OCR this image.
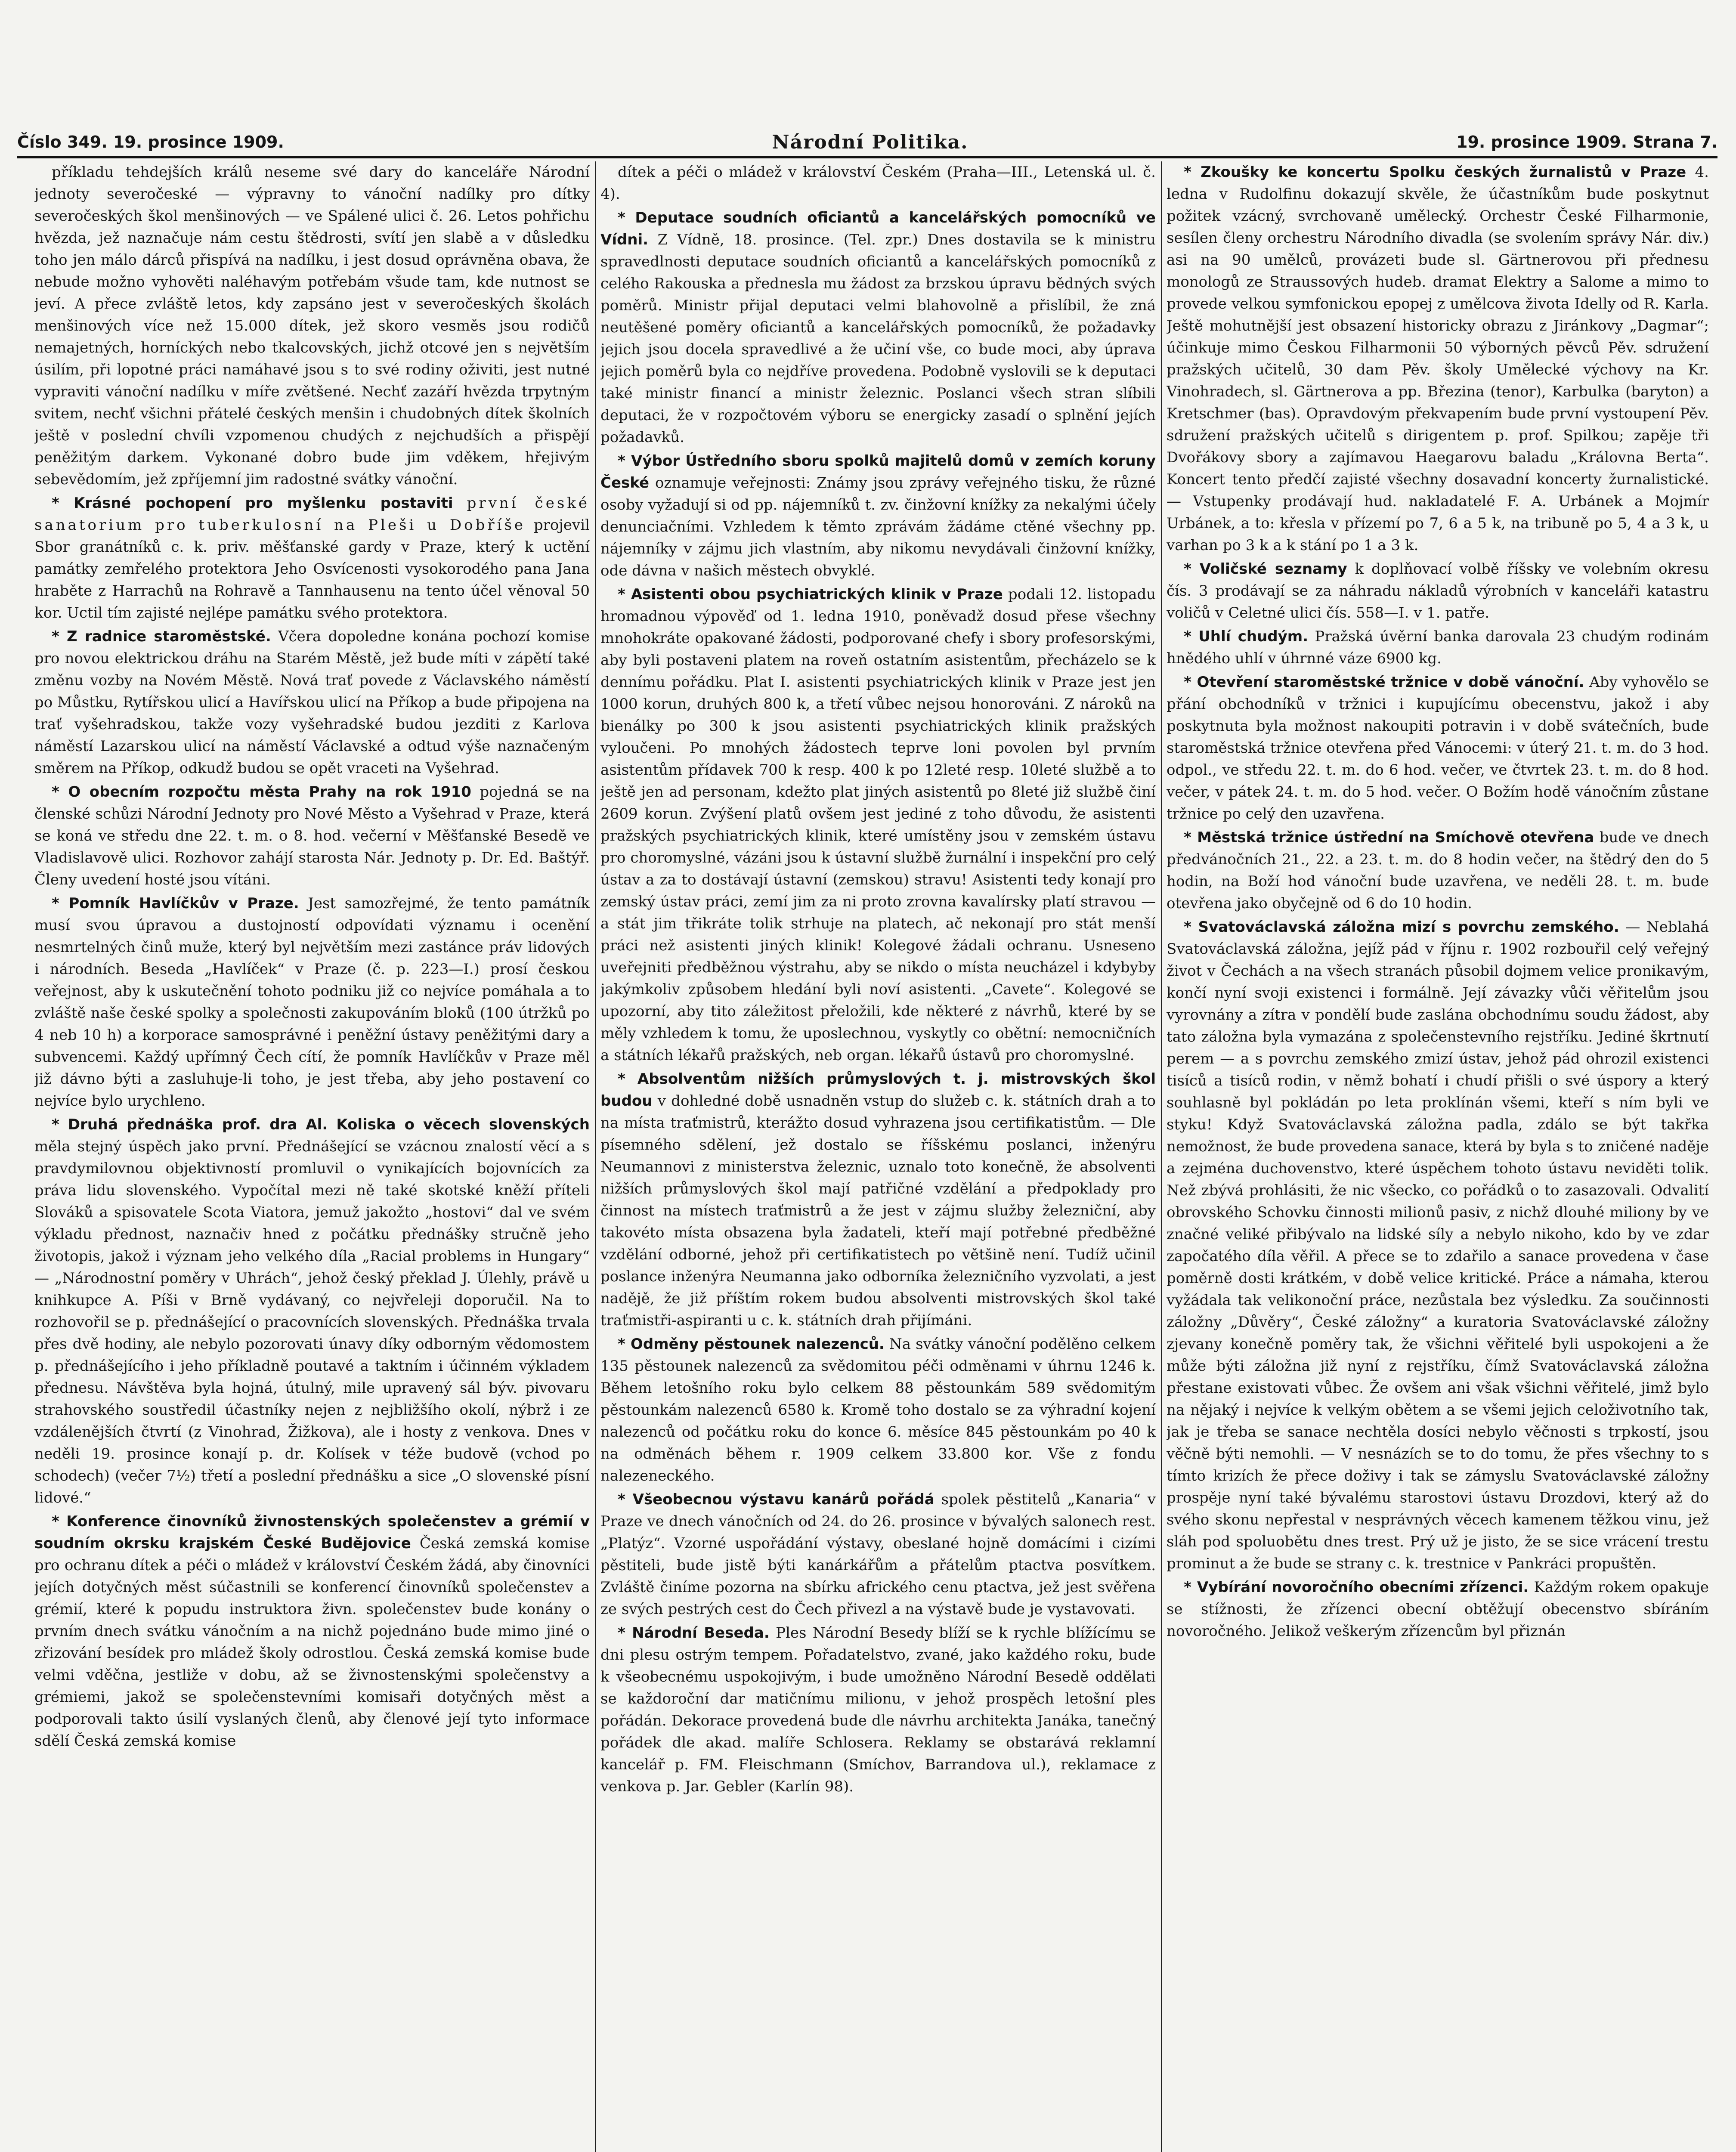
Číslo 349. 19. prosince 1909.	Národní Politika.	19. prosince 1909. Strana 7.

příkladu tehdejších králů neseme své dary do kanceláře Národní jednoty severočeské — výpravny to vánoční nadílky pro dítky severočeských škol menšinových — ve Spálené ulici č. 26. Letos pohřichu hvězda, jež naznačuje nám cestu štědrosti, svítí jen slabě a v důsledku toho jen málo dárců přispívá na nadílku, i jest dosud oprávněna obava, že nebude možno vyhověti naléhavým potřebám všude tam, kde nutnost se jeví. A přece zvláště letos, kdy zapsáno jest v severočeských školách menšinových více než 15.000 dítek, jež skoro vesměs jsou rodičů nemajetných, horníckých nebo tkalcovských, jichž otcové jen s největším úsilím, při lopotné práci namáhavé jsou s to své rodiny oživiti, jest nutné vypraviti vánoční nadílku v míře zvětšené. Nechť zazáří hvězda trpytným svitem, nechť všichni přátelé českých menšin i chudobných dítek školních ještě v poslední chvíli vzpomenou chudých z nejchudších a přispějí peněžitým darkem. Vykonané dobro bude jim vděkem, hřejivým sebevědomím, jež zpříjemní jim radostné svátky vánoční.

* Krásné pochopení pro myšlenku postaviti první české sanatorium pro tuberkulosní na Pleši u Dobříše projevil Sbor granátníků c. k. priv. měšťanské gardy v Praze, který k uctění památky zemřelého protektora Jeho Osvícenosti vysokorodého pana Jana hraběte z Harrachů na Rohravě a Tannhausenu na tento účel věnoval 50 kor. Uctil tím zajisté nejlépe památku svého protektora.

* Z radnice staroměstské. Včera dopoledne konána pochozí komise pro novou elektrickou dráhu na Starém Městě, jež bude míti v zápětí také změnu vozby na Novém Městě. Nová trať povede z Václavského náměstí po Můstku, Rytířskou ulicí a Havířskou ulicí na Příkop a bude připojena na trať vyšehradskou, takže vozy vyšehradské budou jezditi z Karlova náměstí Lazarskou ulicí na náměstí Václavské a odtud výše naznačeným směrem na Příkop, odkudž budou se opět vraceti na Vyšehrad.

* O obecním rozpočtu města Prahy na rok 1910 pojedná se na členské schůzi Národní Jednoty pro Nové Město a Vyšehrad v Praze, která se koná ve středu dne 22. t. m. o 8. hod. večerní v Měšťanské Besedě ve Vladislavově ulici. Rozhovor zahájí starosta Nár. Jednoty p. Dr. Ed. Baštýř. Členy uvedení hosté jsou vítáni.

* Pomník Havlíčkův v Praze. Jest samozřejmé, že tento památník musí svou úpravou a dustojností odpovídati významu i ocenění nesmrtelných činů muže, který byl největším mezi zastánce práv lidových i národních. Beseda „Havlíček“ v Praze (č. p. 223—I.) prosí českou veřejnost, aby k uskutečnění tohoto podniku již co nejvíce pomáhala a to zvláště naše české spolky a společnosti zakupováním bloků (100 útržků po 4 neb 10 h) a korporace samosprávné i peněžní ústavy peněžitými dary a subvencemi. Každý upřímný Čech cítí, že pomník Havlíčkův v Praze měl již dávno býti a zasluhuje-li toho, je jest třeba, aby jeho postavení co nejvíce bylo urychleno.

* Druhá přednáška prof. dra Al. Koliska o věcech slovenských měla stejný úspěch jako první. Přednášející se vzácnou znalostí věcí a s pravdymilovnou objektivností promluvil o vynikajících bojovnících za práva lidu slovenského. Vypočítal mezi ně také skotské kněží příteli Slováků a spisovatele Scota Viatora, jemuž jakožto „hostovi“ dal ve svém výkladu přednost, naznačiv hned z počátku přednášky stručně jeho životopis, jakož i význam jeho velkého díla „Racial problems in Hungary“ — „Národnostní poměry v Uhrách“, jehož český překlad J. Úlehly, právě u knihkupce A. Píši v Brně vydávaný, co nejvřeleji doporučil. Na to rozhovořil se p. přednášející o pracovnících slovenských. Přednáška trvala přes dvě hodiny, ale nebylo pozorovati únavy díky odborným vědomostem p. přednášejícího i jeho příkladně poutavé a taktním i účinném výkladem přednesu. Návštěva byla hojná, útulný, mile upravený sál býv. pivovaru strahovského soustředil účastníky nejen z nejbližšího okolí, nýbrž i ze vzdálenějších čtvrtí (z Vinohrad, Žižkova), ale i hosty z venkova. Dnes v neděli 19. prosince konají p. dr. Kolísek v téže budově (vchod po schodech) (večer 7½) třetí a poslední přednášku a sice „O slovenské písní lidové.“

* Konference činovníků živnostenských společenstev a grémií v soudním okrsku krajském České Budějovice Česká zemská komise pro ochranu dítek a péči o mládež v království Českém žádá, aby činovníci jejích dotyčných měst súčastnili se konferencí činovníků společenstev a grémií, které k popudu instruktora živn. společenstev bude konány o prvním dnech svátku vánočním a na nichž pojednáno bude mimo jiné o zřizování besídek pro mládež školy odrostlou. Česká zemská komise bude velmi vděčna, jestliže v dobu, až se živnostenskými společenstvy a grémiemi, jakož se společenstevními komisaři dotyčných měst a podporovali takto úsilí vyslaných členů, aby členové její tyto informace sdělí Česká zemská komise

dítek a péči o mládež v království Českém (Praha—III., Letenská ul. č. 4).

* Deputace soudních oficiantů a kancelářských pomocníků ve Vídni. Z Vídně, 18. prosince. (Tel. zpr.) Dnes dostavila se k ministru spravedlnosti deputace soudních oficiantů a kancelářských pomocníků z celého Rakouska a přednesla mu žádost za brzskou úpravu bědných svých poměrů. Ministr přijal deputaci velmi blahovolně a přislíbil, že zná neutěšené poměry oficiantů a kancelářských pomocníků, že požadavky jejich jsou docela spravedlivé a že učiní vše, co bude moci, aby úprava jejich poměrů byla co nejdříve provedena. Podobně vyslovili se k deputaci také ministr financí a ministr železnic. Poslanci všech stran slíbili deputaci, že v rozpočtovém výboru se energicky zasadí o splnění jejích požadavků.

* Výbor Ústředního sboru spolků majitelů domů v zemích koruny České oznamuje veřejnosti: Známy jsou zprávy veřejného tisku, že různé osoby vyžadují si od pp. nájemníků t. zv. činžovní knížky za nekalými účely denunciačními. Vzhledem k těmto zprávám žádáme ctěné všechny pp. nájemníky v zájmu jich vlastním, aby nikomu nevydávali činžovní knížky, ode dávna v našich městech obvyklé.

* Asistenti obou psychiatrických klinik v Praze podali 12. listopadu hromadnou výpověď od 1. ledna 1910, poněvadž dosud přese všechny mnohokráte opakované žádosti, podporované chefy i sbory profesorskými, aby byli postaveni platem na roveň ostatním asistentům, přecházelo se k dennímu pořádku. Plat I. asistenti psychiatrických klinik v Praze jest jen 1000 korun, druhých 800 k, a třetí vůbec nejsou honorováni. Z nároků na bienálky po 300 k jsou asistenti psychiatrických klinik pražských vyloučeni. Po mnohých žádostech teprve loni povolen byl prvním asistentům přídavek 700 k resp. 400 k po 12leté resp. 10leté službě a to ještě jen ad personam, kdežto plat jiných asistentů po 8leté již službě činí 2609 korun. Zvýšení platů ovšem jest jediné z toho důvodu, že asistenti pražských psychiatrických klinik, které umístěny jsou v zemském ústavu pro choromyslné, vázáni jsou k ústavní službě žurnální i inspekční pro celý ústav a za to dostávají ústavní (zemskou) stravu! Asistenti tedy konají pro zemský ústav práci, zemí jim za ni proto zrovna kavalírsky platí stravou — a stát jim třikráte tolik strhuje na platech, ač nekonají pro stát menší práci než asistenti jiných klinik! Kolegové žádali ochranu. Usneseno uveřejniti předběžnou výstrahu, aby se nikdo o místa neucházel i kdybyby jakýmkoliv způsobem hledání byli noví asistenti. „Cavete“. Kolegové se upozorní, aby tito záležitost přeložili, kde některé z návrhů, které by se měly vzhledem k tomu, že uposlechnou, vyskytly co obětní: nemocničních a státních lékařů pražských, neb organ. lékařů ústavů pro choromyslné.

* Absolventům nižších průmyslových t. j. mistrovských škol budou v dohledné době usnadněn vstup do služeb c. k. státních drah a to na místa traťmistrů, kterážto dosud vyhrazena jsou certifikatistům. — Dle písemného sdělení, jež dostalo se říšskému poslanci, inženýru Neumannovi z ministerstva železnic, uznalo toto konečně, že absolventi nižších průmyslových škol mají patřičné vzdělání a předpoklady pro činnost na místech traťmistrů a že jest v zájmu služby železniční, aby takovéto místa obsazena byla žadateli, kteří mají potřebné předběžné vzdělání odborné, jehož při certifikatistech po většině není. Tudíž učinil poslance inženýra Neumanna jako odborníka železničního vyzvolati, a jest nadějě, že již příštím rokem budou absolventi mistrovských škol také traťmistři-aspiranti u c. k. státních drah přijímáni.

* Odměny pěstounek nalezenců. Na svátky vánoční podělěno celkem 135 pěstounek nalezenců za svědomitou péči odměnami v úhrnu 1246 k. Během letošního roku bylo celkem 88 pěstounkám 589 svědomitým pěstounkám nalezenců 6580 k. Kromě toho dostalo se za výhradní kojení nalezenců od počátku roku do konce 6. měsíce 845 pěstounkám po 40 k na odměnách během r. 1909 celkem 33.800 kor. Vše z fondu nalezeneckého.

* Všeobecnou výstavu kanárů pořádá spolek pěstitelů „Kanaria“ v Praze ve dnech vánočních od 24. do 26. prosince v bývalých salonech rest. „Platýz“. Vzorné uspořádání výstavy, obeslané hojně domácími i cizími pěstiteli, bude jistě býti kanárkářům a přátelům ptactva posvítkem. Zvláště činíme pozorna na sbírku afrického cenu ptactva, jež jest svěřena ze svých pestrých cest do Čech přivezl a na výstavě bude je vystavovati.

* Národní Beseda. Ples Národní Besedy blíží se k rychle blížícímu se dni plesu ostrým tempem. Pořadatelstvo, zvané, jako každého roku, bude k všeobecnému uspokojivým, i bude umožněno Národní Besedě oddělati se každoroční dar matičnímu milionu, v jehož prospěch letošní ples pořádán. Dekorace provedená bude dle návrhu architekta Janáka, tanečný pořádek dle akad. malíře Schlosera. Reklamy se obstarává reklamní kancelář p. FM. Fleischmann (Smíchov, Barrandova ul.), reklamace z venkova p. Jar. Gebler (Karlín 98).

* Zkoušky ke koncertu Spolku českých žurnalistů v Praze 4. ledna v Rudolfinu dokazují skvěle, že účastníkům bude poskytnut požitek vzácný, svrchovaně umělecký. Orchestr České Filharmonie, sesílen členy orchestru Národního divadla (se svolením správy Nár. div.) asi na 90 umělců, provázeti bude sl. Gärtnerovou při přednesu monologů ze Straussových hudeb. dramat Elektry a Salome a mimo to provede velkou symfonickou epopej z umělcova života Idelly od R. Karla. Ještě mohutnější jest obsazení historicky obrazu z Jiránkovy „Dagmar“; účinkuje mimo Českou Filharmonii 50 výborných pěvců Pěv. sdružení pražských učitelů, 30 dam Pěv. školy Umělecké výchovy na Kr. Vinohradech, sl. Gärtnerova a pp. Březina (tenor), Karbulka (baryton) a Kretschmer (bas). Opravdovým překvapením bude první vystoupení Pěv. sdružení pražských učitelů s dirigentem p. prof. Spilkou; zapěje tři Dvořákovy sbory a zajímavou Haegarovu baladu „Královna Berta“. Koncert tento předčí zajisté všechny dosavadní koncerty žurnalistické. — Vstupenky prodávají hud. nakladatelé F. A. Urbánek a Mojmír Urbánek, a to: křesla v přízemí po 7, 6 a 5 k, na tribuně po 5, 4 a 3 k, u varhan po 3 k a k stání po 1 a 3 k.

* Voličské seznamy k doplňovací volbě říšsky ve volebním okresu čís. 3 prodávají se za náhradu nákladů výrobních v kanceláři katastru voličů v Celetné ulici čís. 558—I. v 1. patře.

* Uhlí chudým. Pražská úvěrní banka darovala 23 chudým rodinám hnědého uhlí v úhrnné váze 6900 kg.

* Otevření staroměstské tržnice v době vánoční. Aby vyhovělo se přání obchodníků v tržnici i kupujícímu obecenstvu, jakož i aby poskytnuta byla možnost nakoupiti potravin i v době svátečních, bude staroměstská tržnice otevřena před Vánocemi: v úterý 21. t. m. do 3 hod. odpol., ve středu 22. t. m. do 6 hod. večer, ve čtvrtek 23. t. m. do 8 hod. večer, v pátek 24. t. m. do 5 hod. večer. O Božím hodě vánočním zůstane tržnice po celý den uzavřena.

* Městská tržnice ústřední na Smíchově otevřena bude ve dnech předvánočních 21., 22. a 23. t. m. do 8 hodin večer, na štědrý den do 5 hodin, na Boží hod vánoční bude uzavřena, ve neděli 28. t. m. bude otevřena jako obyčejně od 6 do 10 hodin.

* Svatováclavská záložna mizí s povrchu zemského. — Neblahá Svatováclavská záložna, jejíž pád v říjnu r. 1902 rozbouřil celý veřejný život v Čechách a na všech stranách působil dojmem velice pronikavým, končí nyní svoji existenci i formálně. Její závazky vůči věřitelům jsou vyrovnány a zítra v pondělí bude zaslána obchodnímu soudu žádost, aby tato záložna byla vymazána z společenstevního rejstříku. Jediné škrtnutí perem — a s povrchu zemského zmizí ústav, jehož pád ohrozil existenci tisíců a tisíců rodin, v němž bohatí i chudí přišli o své úspory a který souhlasně byl pokládán po leta proklínán všemi, kteří s ním byli ve styku! Když Svatováclavská záložna padla, zdálo se být takřka nemožnost, že bude provedena sanace, která by byla s to zničené naděje a zejména duchovenstvo, které úspěchem tohoto ústavu neviděti tolik. Než zbývá prohlásiti, že nic všecko, co pořádků o to zasazovali. Odvalití obrovského Schovku činnosti milionů pasiv, z nichž dlouhé miliony by ve značné veliké přibývalo na lidské síly a nebylo nikoho, kdo by ve zdar započatého díla věřil. A přece se to zdařilo a sanace provedena v čase poměrně dosti krátkém, v době velice kritické. Práce a námaha, kterou vyžádala tak velikonoční práce, nezůstala bez výsledku. Za součinnosti záložny „Důvěry“, České záložny“ a kuratoria Svatováclavské záložny zjevany konečně poměry tak, že všichni věřitelé byli uspokojeni a že může býti záložna již nyní z rejstříku, čímž Svatováclavská záložna přestane existovati vůbec. Že ovšem ani však všichni věřitelé, jimž bylo na nějaký i nejvíce k velkým obětem a se všemi jejich celoživotního tak, jak je třeba se sanace nechtěla dosíci nebylo věčnosti s trpkostí, jsou věčně býti nemohli. — V nesnázích se to do tomu, že přes všechny to s tímto krizích že přece doživy i tak se zámyslu Svatováclavské záložny prospěje nyní také bývalému starostovi ústavu Drozdovi, který až do svého skonu nepřestal v nesprávných věcech kamenem těžkou vinu, jež sláh pod spoluobětu dnes trest. Prý už je jisto, že se sice vrácení trestu prominut a že bude se strany c. k. trestnice v Pankráci propuštěn.

* Vybírání novoročního obecními zřízenci. Každým rokem opakuje se stížnosti, že zřízenci obecní obtěžují obecenstvo sbíráním novoročného. Jelikož veškerým zřízencům byl přiznán
